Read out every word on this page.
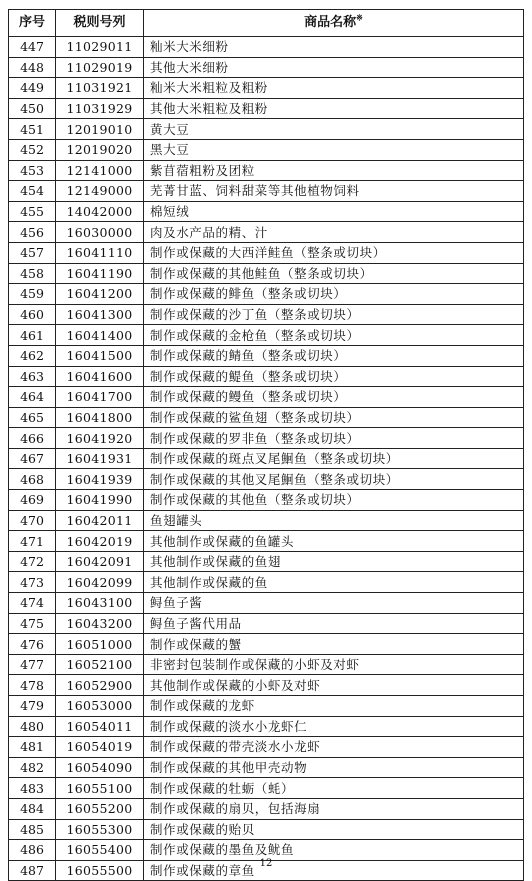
序号	税则号列	商品名称※
447	11029011	籼米大米细粉
448	11029019	其他大米细粉
449	11031921	籼米大米粗粒及粗粉
450	11031929	其他大米粗粒及粗粉
451	12019010	黄大豆
452	12019020	黑大豆
453	12141000	紫苜蓿粗粉及团粒
454	12149000	芜菁甘蓝、饲料甜菜等其他植物饲料
455	14042000	棉短绒
456	16030000	肉及水产品的精、汁
457	16041110	制作或保藏的大西洋鲑鱼（整条或切块）
458	16041190	制作或保藏的其他鲑鱼（整条或切块）
459	16041200	制作或保藏的鲱鱼（整条或切块）
460	16041300	制作或保藏的沙丁鱼（整条或切块）
461	16041400	制作或保藏的金枪鱼（整条或切块）
462	16041500	制作或保藏的鲭鱼（整条或切块）
463	16041600	制作或保藏的鳀鱼（整条或切块）
464	16041700	制作或保藏的鳗鱼（整条或切块）
465	16041800	制作或保藏的鲨鱼翅（整条或切块）
466	16041920	制作或保藏的罗非鱼（整条或切块）
467	16041931	制作或保藏的斑点叉尾鮰鱼（整条或切块）
468	16041939	制作或保藏的其他叉尾鮰鱼（整条或切块）
469	16041990	制作或保藏的其他鱼（整条或切块）
470	16042011	鱼翅罐头
471	16042019	其他制作或保藏的鱼罐头
472	16042091	其他制作或保藏的鱼翅
473	16042099	其他制作或保藏的鱼
474	16043100	鲟鱼子酱
475	16043200	鲟鱼子酱代用品
476	16051000	制作或保藏的蟹
477	16052100	非密封包装制作或保藏的小虾及对虾
478	16052900	其他制作或保藏的小虾及对虾
479	16053000	制作或保藏的龙虾
480	16054011	制作或保藏的淡水小龙虾仁
481	16054019	制作或保藏的带壳淡水小龙虾
482	16054090	制作或保藏的其他甲壳动物
483	16055100	制作或保藏的牡蛎（蚝）
484	16055200	制作或保藏的扇贝，包括海扇
485	16055300	制作或保藏的贻贝
486	16055400	制作或保藏的墨鱼及鱿鱼
487	16055500	制作或保藏的章鱼 12
